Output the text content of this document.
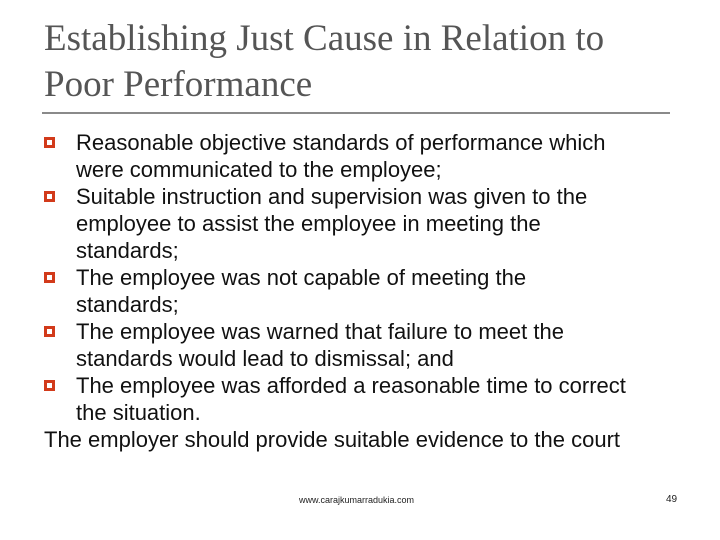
Establishing Just Cause in Relation to
Poor Performance
Reasonable objective standards of performance which
were communicated to the employee;
Suitable instruction and supervision was given to the
employee to assist the employee in meeting the
standards;
The employee was not capable of meeting the
standards;
The employee was warned that failure to meet the
standards would lead to dismissal; and
The employee was afforded a reasonable time to correct
the situation.
The employer should provide suitable evidence to the court
www.carajkumarradukia.com	49
